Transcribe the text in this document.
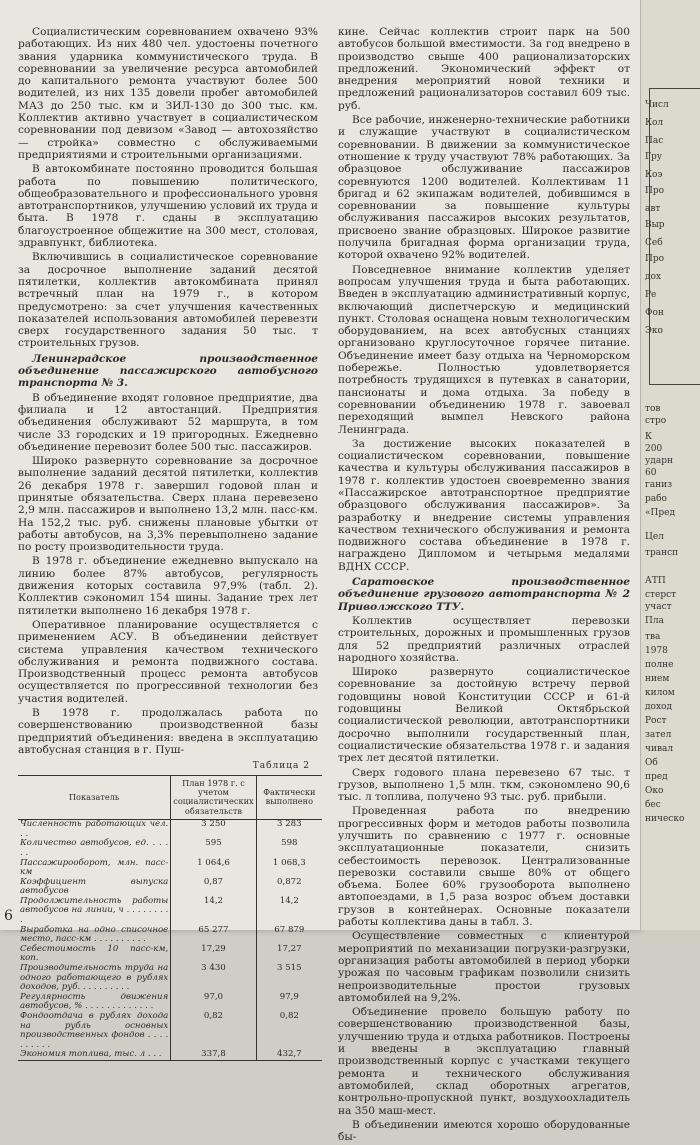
Социалистическим соревнованием охвачено 93% работающих. Из них 480 чел. удостоены почетного звания ударника коммунистического труда. В соревновании за увеличение ресурса автомобилей до капитального ремонта участвуют более 500 водителей, из них 135 довели пробег автомобилей МАЗ до 250 тыс. км и ЗИЛ-130 до 300 тыс. км. Коллектив активно участвует в социалистическом соревновании под девизом «Завод — автохозяйство — стройка» совместно с обслуживаемыми предприятиями и строительными организациями.

В автокомбинате постоянно проводится большая работа по повышению политического, общеобразовательного и профессионального уровня автотранспортников, улучшению условий их труда и быта. В 1978 г. сданы в эксплуатацию благоустроенное общежитие на 300 мест, столовая, здравпункт, библиотека.

Включившись в социалистическое соревнование за досрочное выполнение заданий десятой пятилетки, коллектив автокомбината принял встречный план на 1979 г., в котором предусмотрено: за счет улучшения качественных показателей использования автомобилей перевезти сверх государственного задания 50 тыс. т строительных грузов.

Ленинградское производственное объединение пассажирского автобусного транспорта № 3.

В объединение входят головное предприятие, два филиала и 12 автостанций. Предприятия объединения обслуживают 52 маршрута, в том числе 33 городских и 19 пригородных. Ежедневно объединение перевозит более 500 тыс. пассажиров.

Широко развернуто соревнование за досрочное выполнение заданий десятой пятилетки, коллектив 26 декабря 1978 г. завершил годовой план и принятые обязательства. Сверх плана перевезено 2,9 млн. пассажиров и выполнено 13,2 млн. пасс-км. На 152,2 тыс. руб. снижены плановые убытки от работы автобусов, на 3,3% перевыполнено задание по росту производительности труда.

В 1978 г. объединение ежедневно выпускало на линию более 87% автобусов, регулярность движения которых составила 97,9% (табл. 2). Коллектив сэкономил 154 шины. Задание трех лет пятилетки выполнено 16 декабря 1978 г.

Оперативное планирование осуществляется с применением АСУ. В объединении действует система управления качеством технического обслуживания и ремонта подвижного состава. Производственный процесс ремонта автобусов осуществляется по прогрессивной технологии без участия водителей.

В 1978 г. продолжалась работа по совершенствованию производственной базы предприятий объединения: введена в эксплуатацию автобусная станция в г. Пуш-

Таблица 2
Показатель	План 1978 г. с учетом социалистических обязательств	Фактически выполнено
Численность работающих чел. . .	3 250	3 283
Количество автобусов, ед. . . . . .	595	598
Пассажирооборот, млн. пасс-км	1 064,6	1 068,3
Коэффициент выпуска автобусов	0,87	0,872
Продолжительность работы автобусов на линии, ч . . . . . . . . .	14,2	14,2
Выработка на одно списочное место, пасс-км . . . . . . . . . .	65 277	67 879
Себестоимость 10 пасс-км, коп.	17,29	17,27
Производительность труда на одного работающего в рублях доходов, руб. . . . . . . . . .	3 430	3 515
Регулярность движения автобусов, % . . . . . . . . . . . . .	97,0	97,9
Фондоотдача в рублях дохода на рубль основных производственных фондов . . . . . . . . . .	0,82	0,82
Экономия топлива, тыс. л . . .	337,8	432,7

кине. Сейчас коллектив строит парк на 500 автобусов большой вместимости. За год внедрено в производство свыше 400 рационализаторских предложений. Экономический эффект от внедрения мероприятий новой техники и предложений рационализаторов составил 609 тыс. руб.

Все рабочие, инженерно-технические работники и служащие участвуют в социалистическом соревновании. В движении за коммунистическое отношение к труду участвуют 78% работающих. За образцовое обслуживание пассажиров соревнуются 1200 водителей. Коллективам 11 бригад и 62 экипажам водителей, добившимся в соревновании за повышение культуры обслуживания пассажиров высоких результатов, присвоено звание образцовых. Широкое развитие получила бригадная форма организации труда, которой охвачено 92% водителей.

Повседневное внимание коллектив уделяет вопросам улучшения труда и быта работающих. Введен в эксплуатацию административный корпус, включающий диспетчерскую и медицинский пункт. Столовая оснащена новым технологическим оборудованием, на всех автобусных станциях организовано круглосуточное горячее питание. Объединение имеет базу отдыха на Черноморском побережье. Полностью удовлетворяется потребность трудящихся в путевках в санатории, пансионаты и дома отдыха. За победу в соревновании объединению 1978 г. завоевал переходящий вымпел Невского района Ленинграда.

За достижение высоких показателей в социалистическом соревновании, повышение качества и культуры обслуживания пассажиров в 1978 г. коллектив удостоен своевременно звания «Пассажирское автотранспортное предприятие образцового обслуживания пассажиров». За разработку и внедрение системы управления качеством технического обслуживания и ремонта подвижного состава объединение в 1978 г. награждено Дипломом и четырьмя медалями ВДНХ СССР.

Саратовское производственное объединение грузового автотранспорта № 2 Приволжского ТТУ.

Коллектив осуществляет перевозки строительных, дорожных и промышленных грузов для 52 предприятий различных отраслей народного хозяйства.

Широко развернуто социалистическое соревнование за достойную встречу первой годовщины новой Конституции СССР и 61-й годовщины Великой Октябрьской социалистической революции, автотранспортники досрочно выполнили государственный план, социалистические обязательства 1978 г. и задания трех лет десятой пятилетки.

Сверх годового плана перевезено 67 тыс. т грузов, выполнено 1,5 млн. ткм, сэкономлено 90,6 тыс. л топлива, получено 93 тыс. руб. прибыли.

Проведенная работа по внедрению прогрессивных форм и методов работы позволила улучшить по сравнению с 1977 г. основные эксплуатационные показатели, снизить себестоимость перевозок. Централизованные перевозки составили свыше 80% от общего объема. Более 60% грузооборота выполнено автопоездами, в 1,5 раза возрос объем доставки грузов в контейнерах. Основные показатели работы коллектива даны в табл. 3.

Осуществление совместных с клиентурой мероприятий по механизации погрузки-разгрузки, организация работы автомобилей в период уборки урожая по часовым графикам позволили снизить непроизводительные простои грузовых автомобилей на 9,2%.

Объединение провело большую работу по совершенствованию производственной базы, улучшению труда и отдыха работников. Построены и введены в эксплуатацию главный производственный корпус с участками текущего ремонта и технического обслуживания автомобилей, склад оборотных агрегатов, контрольно-пропускной пункт, воздухоохладитель на 350 маш-мест.

В объединении имеются хорошо оборудованные бы-

6
Числ
Кол
Пас
Гру
Коэ
Про
авт
Выр
Себ
Про
дох
Ре
Фон
Эко
тов
стро
К
200
ударн
60
ганиз
рабо
«Пред
Цел
трансп
АТП
стерст
участ
Пла
тва
1978
полне
нием
килом
доход
Рост
зател
чивал
Об
пред
Око
бес
ническо
